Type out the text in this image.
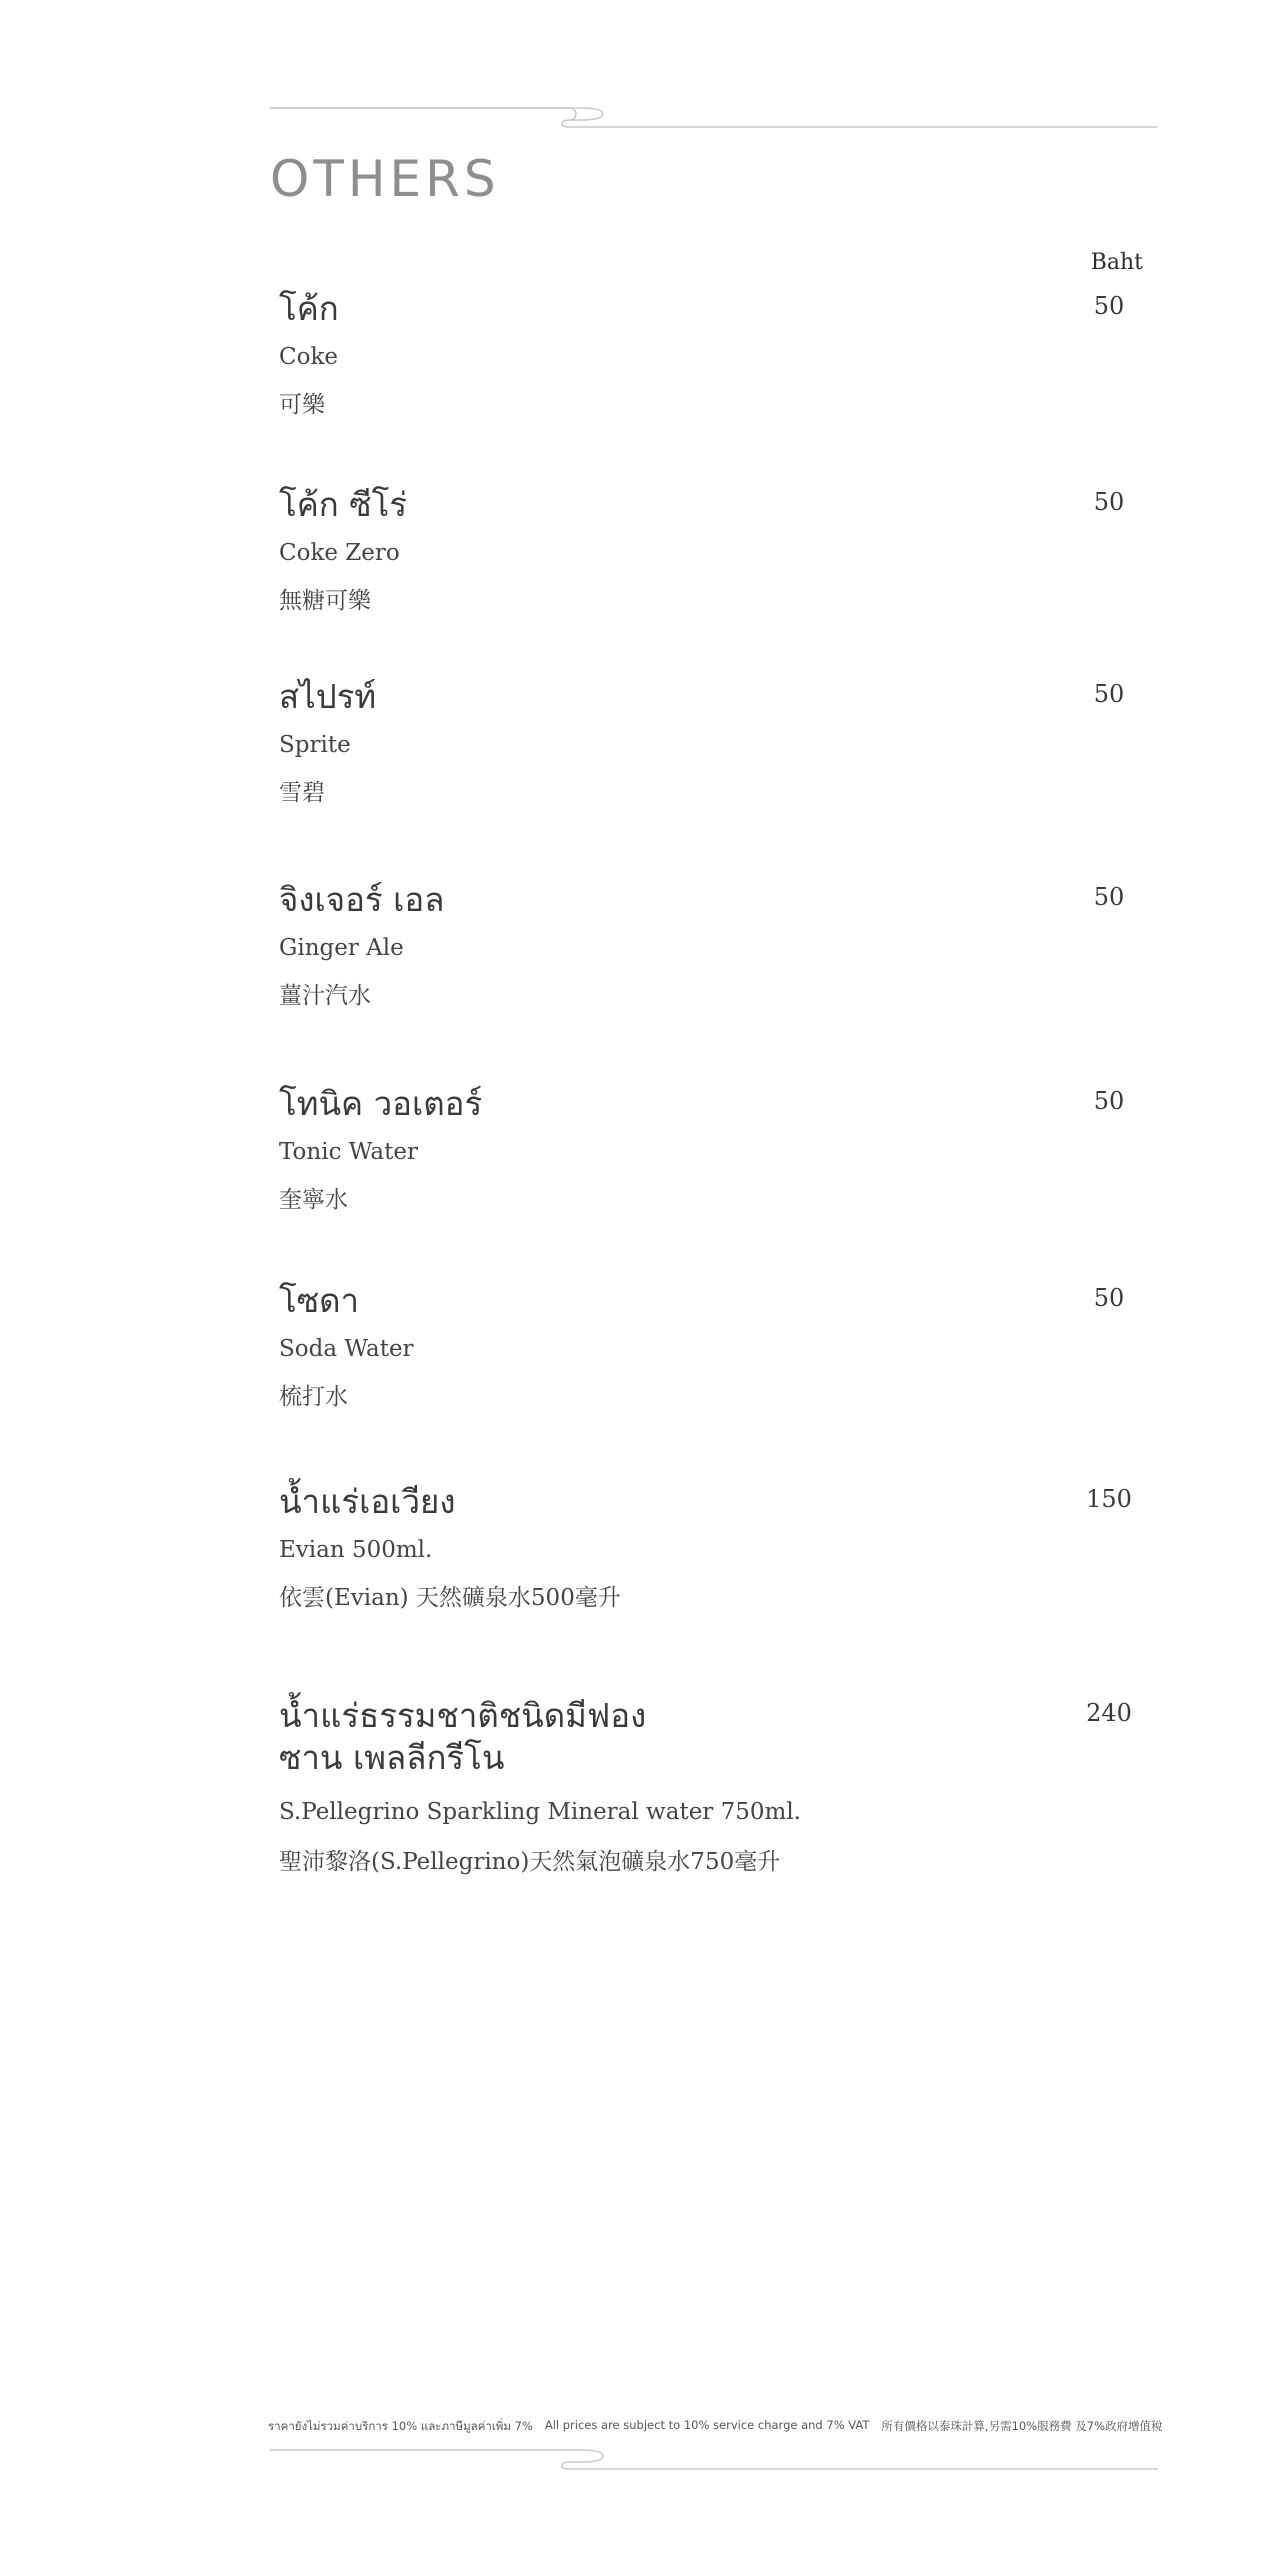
OTHERS
Baht
โค้ก
Coke
可樂
50
โค้ก ซีโร่
Coke Zero
無糖可樂
50
สไปรท์
Sprite
雪碧
50
จิงเจอร์ เอล
Ginger Ale
薑汁汽水
50
โทนิค วอเตอร์
Tonic Water
奎寧水
50
โซดา
Soda Water
梳打水
50
น้ำแร่เอเวียง
Evian 500ml.
依雲(Evian) 天然礦泉水500毫升
150
น้ำแร่ธรรมชาติชนิดมีฟอง
ซาน เพลลีกรีโน
S.Pellegrino Sparkling Mineral water 750ml.
聖沛黎洛(S.Pellegrino)天然氣泡礦泉水750毫升
240
ราคายังไม่รวมค่าบริการ 10% และภาษีมูลค่าเพิ่ม 7% All prices are subject to 10% service charge and 7% VAT 所有價格以泰珠計算,另需10%服務費 及7%政府增值稅
